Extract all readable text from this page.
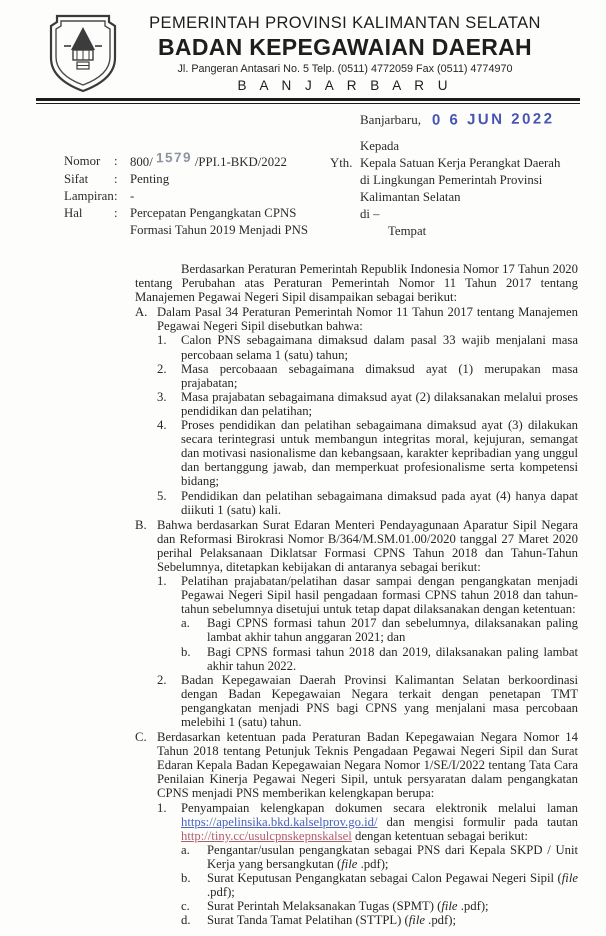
PEMERINTAH PROVINSI KALIMANTAN SELATAN
BADAN KEPEGAWAIAN DAERAH
Jl. Pangeran Antasari No. 5 Telp. (0511) 4772059 Fax (0511) 4774970
B A N J A R B A R U
Banjarbaru, 0 6 JUN 2022
Nomor	: 800/ 1579 /PPI.1-BKD/2022
Sifat	: Penting
Lampiran : -
Hal	: Percepatan Pengangkatan CPNS
Formasi Tahun 2019 Menjadi PNS
Kepada
Yth. Kepala Satuan Kerja Perangkat Daerah
di Lingkungan Pemerintah Provinsi
Kalimantan Selatan
di –
Tempat

Berdasarkan Peraturan Pemerintah Republik Indonesia Nomor 17 Tahun 2020 tentang Perubahan atas Peraturan Pemerintah Nomor 11 Tahun 2017 tentang Manajemen Pegawai Negeri Sipil disampaikan sebagai berikut:

A. Dalam Pasal 34 Peraturan Pemerintah Nomor 11 Tahun 2017 tentang Manajemen Pegawai Negeri Sipil disebutkan bahwa:
1.	Calon PNS sebagaimana dimaksud dalam pasal 33 wajib menjalani masa percobaan selama 1 (satu) tahun;
2.	Masa percobaaan sebagaimana dimaksud ayat (1) merupakan masa prajabatan;
3.	Masa prajabatan sebagaimana dimaksud ayat (2) dilaksanakan melalui proses pendidikan dan pelatihan;
4.	Proses pendidikan dan pelatihan sebagaimana dimaksud ayat (3) dilakukan secara terintegrasi untuk membangun integritas moral, kejujuran, semangat dan motivasi nasionalisme dan kebangsaan, karakter kepribadian yang unggul dan bertanggung jawab, dan memperkuat profesionalisme serta kompetensi bidang;
5.	Pendidikan dan pelatihan sebagaimana dimaksud pada ayat (4) hanya dapat diikuti 1 (satu) kali.
B. Bahwa berdasarkan Surat Edaran Menteri Pendayagunaan Aparatur Sipil Negara dan Reformasi Birokrasi Nomor B/364/M.SM.01.00/2020 tanggal 27 Maret 2020 perihal Pelaksanaan Diklatsar Formasi CPNS Tahun 2018 dan Tahun-Tahun Sebelumnya, ditetapkan kebijakan di antaranya sebagai berikut:
1.	Pelatihan prajabatan/pelatihan dasar sampai dengan pengangkatan menjadi Pegawai Negeri Sipil hasil pengadaan formasi CPNS tahun 2018 dan tahun-tahun sebelumnya disetujui untuk tetap dapat dilaksanakan dengan ketentuan:
a.	Bagi CPNS formasi tahun 2017 dan sebelumnya, dilaksanakan paling lambat akhir tahun anggaran 2021; dan
b.	Bagi CPNS formasi tahun 2018 dan 2019, dilaksanakan paling lambat akhir tahun 2022.
2.	Badan Kepegawaian Daerah Provinsi Kalimantan Selatan berkoordinasi dengan Badan Kepegawaian Negara terkait dengan penetapan TMT pengangkatan menjadi PNS bagi CPNS yang menjalani masa percobaan melebihi 1 (satu) tahun.
C. Berdasarkan ketentuan pada Peraturan Badan Kepegawaian Negara Nomor 14 Tahun 2018 tentang Petunjuk Teknis Pengadaan Pegawai Negeri Sipil dan Surat Edaran Kepala Badan Kepegawaian Negara Nomor 1/SE/I/2022 tentang Tata Cara Penilaian Kinerja Pegawai Negeri Sipil, untuk persyaratan dalam pengangkatan CPNS menjadi PNS memberikan kelengkapan berupa:
1.	Penyampaian kelengkapan dokumen secara elektronik melalui laman https://apelinsika.bkd.kalselprov.go.id/ dan mengisi formulir pada tautan http://tiny.cc/usulcpnskepnskalsel dengan ketentuan sebagai berikut:
a.	Pengantar/usulan pengangkatan sebagai PNS dari Kepala SKPD / Unit Kerja yang bersangkutan (file .pdf);
b.	Surat Keputusan Pengangkatan sebagai Calon Pegawai Negeri Sipil (file .pdf);
c.	Surat Perintah Melaksanakan Tugas (SPMT) (file .pdf);
d.	Surat Tanda Tamat Pelatihan (STTPL) (file .pdf);
